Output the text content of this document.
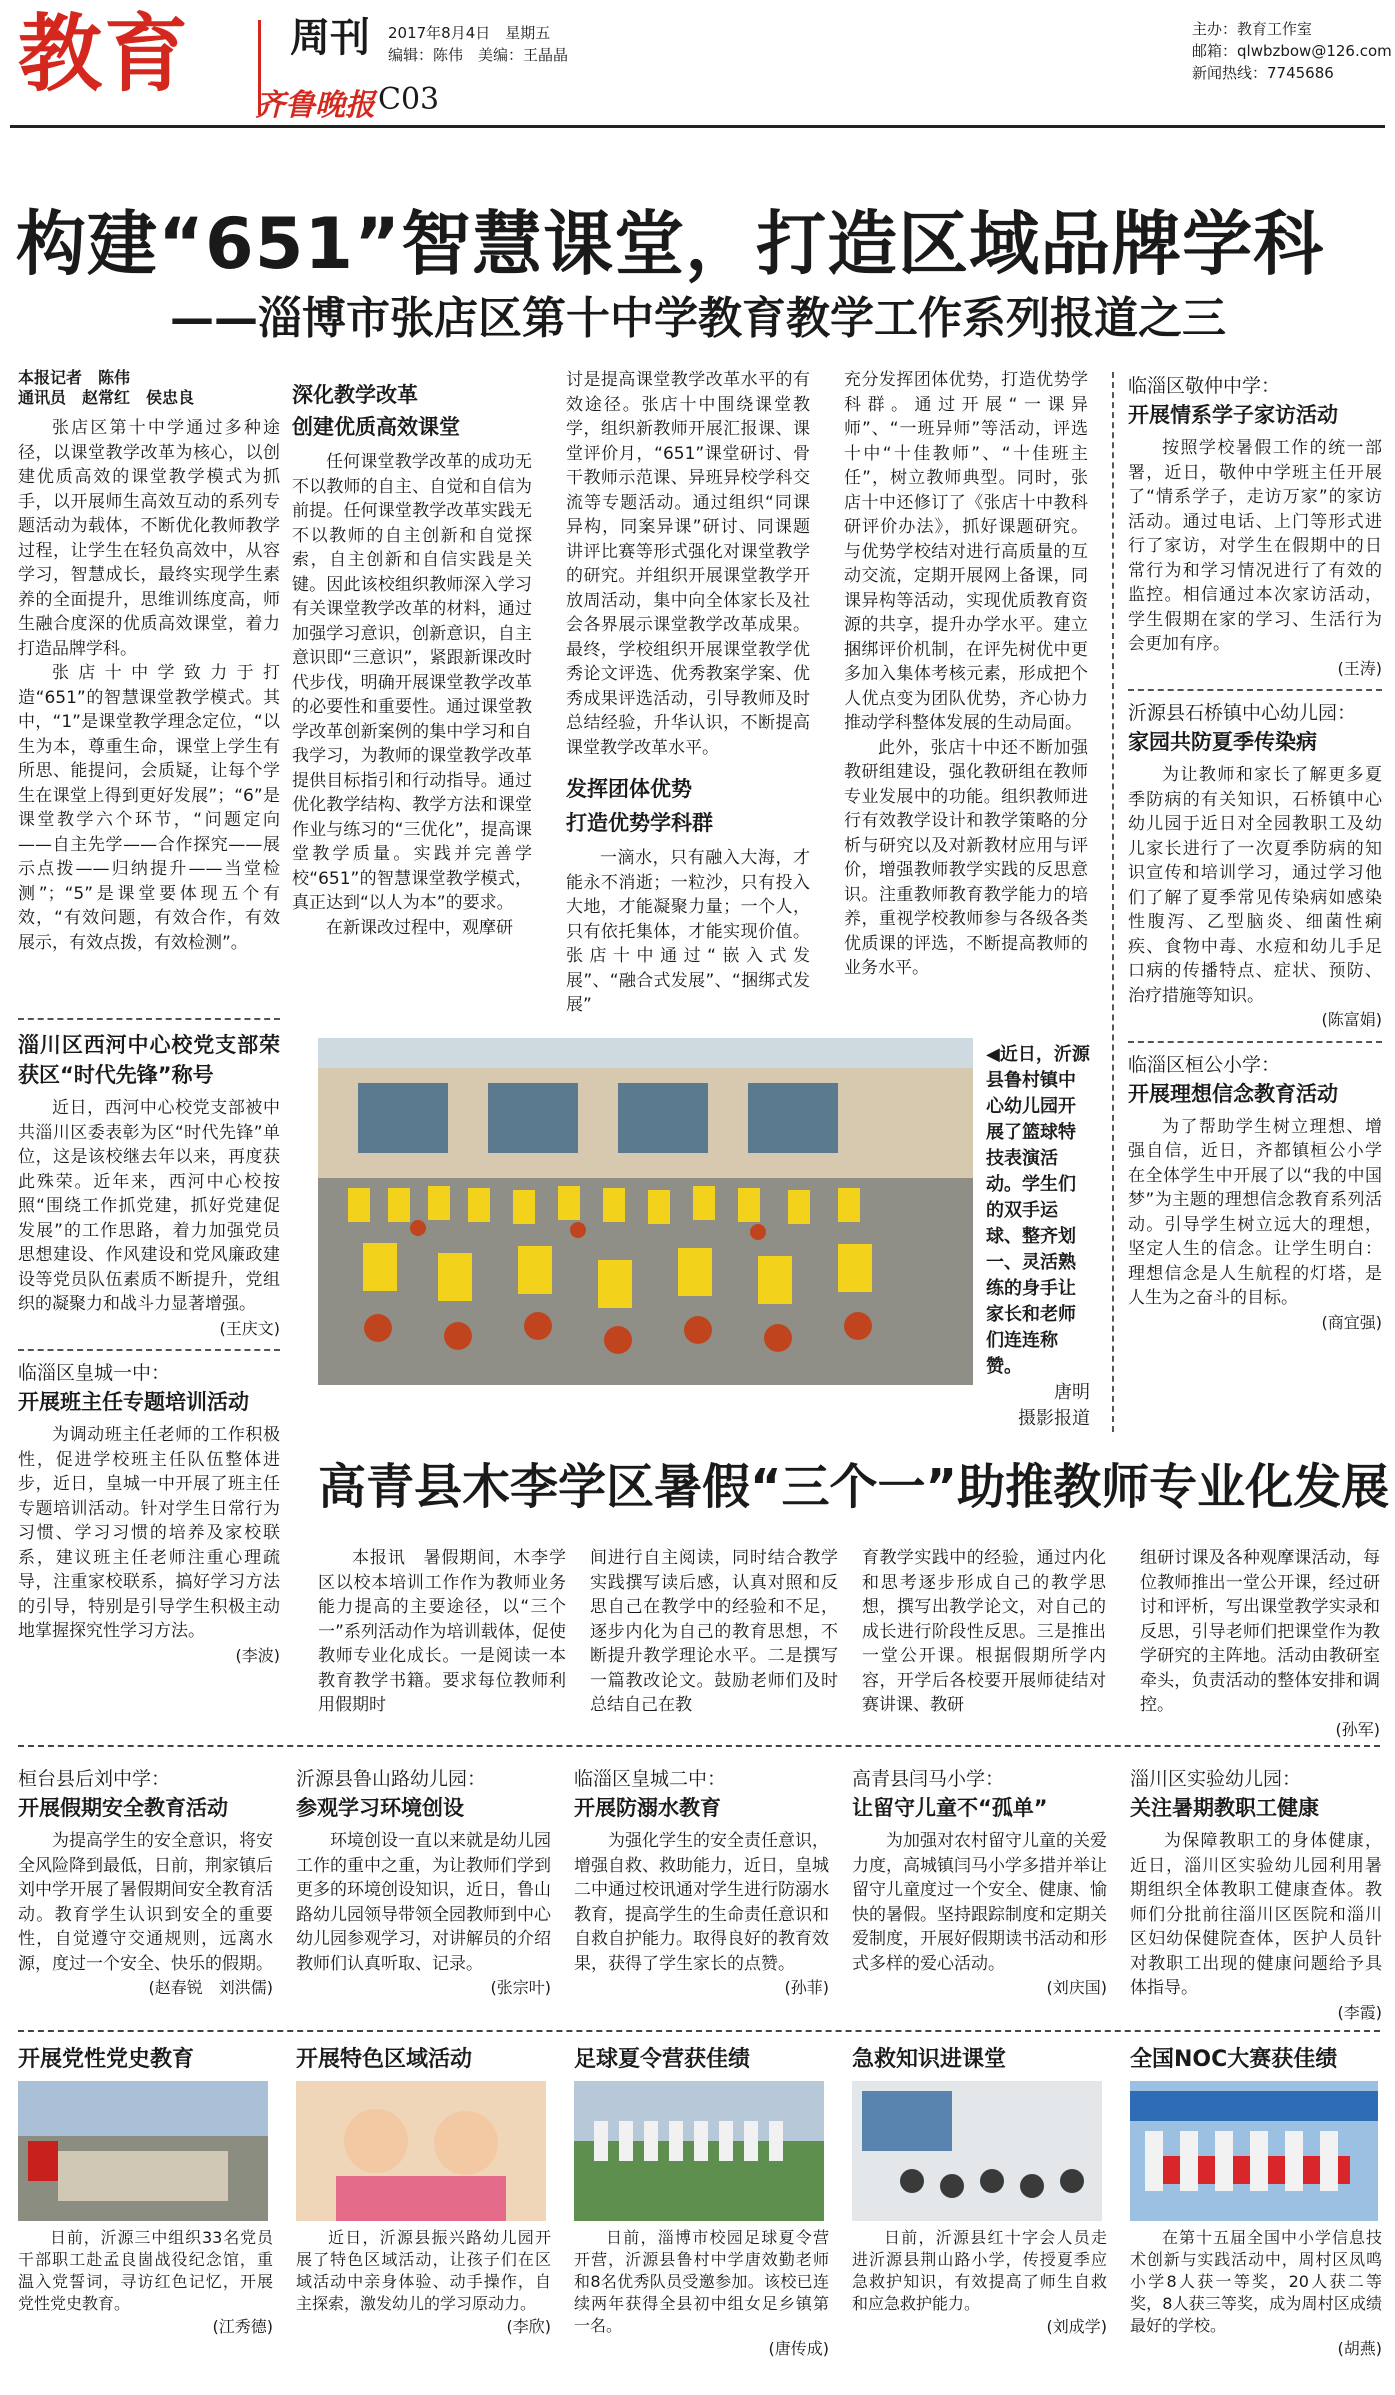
教育 周刊
齐鲁晚报 C03
2017年8月4日　星期五
编辑：陈伟　美编：王晶晶
主办：教育工作室
邮箱：qlwbzbow@126.com
新闻热线：7745686
构建“651”智慧课堂，打造区域品牌学科
——淄博市张店区第十中学教育教学工作系列报道之三
本报记者　陈伟
通讯员　赵常红　侯忠良

张店区第十中学通过多种途径，以课堂教学改革为核心，以创建优质高效的课堂教学模式为抓手，以开展师生高效互动的系列专题活动为载体，不断优化教师教学过程，让学生在轻负高效中，从容学习，智慧成长，最终实现学生素养的全面提升，思维训练度高，师生融合度深的优质高效课堂，着力打造品牌学科。

张店十中学致力于打造“651”的智慧课堂教学模式。其中，“1”是课堂教学理念定位，“以生为本，尊重生命，课堂上学生有所思、能提问，会质疑，让每个学生在课堂上得到更好发展”；“6”是课堂教学六个环节，“问题定向——自主先学——合作探究——展示点拨——归纳提升——当堂检测”；“5”是课堂要体现五个有效，“有效问题，有效合作，有效展示，有效点拨，有效检测”。

深化教学改革
创建优质高效课堂

任何课堂教学改革的成功无不以教师的自主、自觉和自信为前提。任何课堂教学改革实践无不以教师的自主创新和自觉探索，自主创新和自信实践是关键。因此该校组织教师深入学习有关课堂教学改革的材料，通过加强学习意识，创新意识，自主意识即“三意识”，紧跟新课改时代步伐，明确开展课堂教学改革的必要性和重要性。通过课堂教学改革创新案例的集中学习和自我学习，为教师的课堂教学改革提供目标指引和行动指导。通过优化教学结构、教学方法和课堂作业与练习的“三优化”，提高课堂教学质量。实践并完善学校“651”的智慧课堂教学模式，真正达到“以人为本”的要求。

在新课改过程中，观摩研

讨是提高课堂教学改革水平的有效途径。张店十中围绕课堂教学，组织新教师开展汇报课、课堂评价月，“651”课堂研讨、骨干教师示范课、异班异校学科交流等专题活动。通过组织“同课异构，同案异课”研讨、同课题讲评比赛等形式强化对课堂教学的研究。并组织开展课堂教学开放周活动，集中向全体家长及社会各界展示课堂教学改革成果。最终，学校组织开展课堂教学优秀论文评选、优秀教案学案、优秀成果评选活动，引导教师及时总结经验，升华认识，不断提高课堂教学改革水平。

发挥团体优势
打造优势学科群

一滴水，只有融入大海，才能永不消逝；一粒沙，只有投入大地，才能凝聚力量；一个人，只有依托集体，才能实现价值。张店十中通过“嵌入式发展”、“融合式发展”、“捆绑式发展”

充分发挥团体优势，打造优势学科群。通过开展“一课异师”、“一班异师”等活动，评选十中“十佳教师”、“十佳班主任”，树立教师典型。同时，张店十中还修订了《张店十中教科研评价办法》，抓好课题研究。与优势学校结对进行高质量的互动交流，定期开展网上备课，同课异构等活动，实现优质教育资源的共享，提升办学水平。建立捆绑评价机制，在评先树优中更多加入集体考核元素，形成把个人优点变为团队优势，齐心协力推动学科整体发展的生动局面。

此外，张店十中还不断加强教研组建设，强化教研组在教师专业发展中的功能。组织教师进行有效教学设计和教学策略的分析与研究以及对新教材应用与评价，增强教师教学实践的反思意识。注重教师教育教学能力的培养，重视学校教师参与各级各类优质课的评选，不断提高教师的业务水平。

临淄区敬仲中学：
开展情系学子家访活动

按照学校暑假工作的统一部署，近日，敬仲中学班主任开展了“情系学子，走访万家”的家访活动。通过电话、上门等形式进行了家访，对学生在假期中的日常行为和学习情况进行了有效的监控。相信通过本次家访活动，学生假期在家的学习、生活行为会更加有序。

(王涛)
沂源县石桥镇中心幼儿园：
家园共防夏季传染病

为让教师和家长了解更多夏季防病的有关知识，石桥镇中心幼儿园于近日对全园教职工及幼儿家长进行了一次夏季防病的知识宣传和培训学习，通过学习他们了解了夏季常见传染病如感染性腹泻、乙型脑炎、细菌性痢疾、食物中毒、水痘和幼儿手足口病的传播特点、症状、预防、治疗措施等知识。

(陈富娟)
临淄区桓公小学：
开展理想信念教育活动

为了帮助学生树立理想、增强自信，近日，齐都镇桓公小学在全体学生中开展了以“我的中国梦”为主题的理想信念教育系列活动。引导学生树立远大的理想，坚定人生的信念。让学生明白：理想信念是人生航程的灯塔，是人生为之奋斗的目标。

(商宜强)
淄川区西河中心校党支部荣获区“时代先锋”称号

近日，西河中心校党支部被中共淄川区委表彰为区“时代先锋”单位，这是该校继去年以来，再度获此殊荣。近年来，西河中心校按照“围绕工作抓党建，抓好党建促发展”的工作思路，着力加强党员思想建设、作风建设和党风廉政建设等党员队伍素质不断提升，党组织的凝聚力和战斗力显著增强。

(王庆文)
临淄区皇城一中：
开展班主任专题培训活动

为调动班主任老师的工作积极性，促进学校班主任队伍整体进步，近日，皇城一中开展了班主任专题培训活动。针对学生日常行为习惯、学习习惯的培养及家校联系，建议班主任老师注重心理疏导，注重家校联系，搞好学习方法的引导，特别是引导学生积极主动地掌握探究性学习方法。

(李波)
◀近日，沂源县鲁村镇中心幼儿园开展了篮球特技表演活动。学生们的双手运球、整齐划一、灵活熟练的身手让家长和老师们连连称赞。
唐明
摄影报道
高青县木李学区暑假“三个一”助推教师专业化发展

本报讯　暑假期间，木李学区以校本培训工作作为教师业务能力提高的主要途径，以“三个一”系列活动作为培训载体，促使教师专业化成长。一是阅读一本教育教学书籍。要求每位教师利用假期时

间进行自主阅读，同时结合教学实践撰写读后感，认真对照和反思自己在教学中的经验和不足，逐步内化为自己的教育思想，不断提升教学理论水平。二是撰写一篇教改论文。鼓励老师们及时总结自己在教

育教学实践中的经验，通过内化和思考逐步形成自己的教学思想，撰写出教学论文，对自己的成长进行阶段性反思。三是推出一堂公开课。根据假期所学内容，开学后各校要开展师徒结对赛讲课、教研

组研讨课及各种观摩课活动，每位教师推出一堂公开课，经过研讨和评析，写出课堂教学实录和反思，引导老师们把课堂作为教学研究的主阵地。活动由教研室牵头，负责活动的整体安排和调控。

(孙军)
桓台县后刘中学：
开展假期安全教育活动

为提高学生的安全意识，将安全风险降到最低，日前，荆家镇后刘中学开展了暑假期间安全教育活动。教育学生认识到安全的重要性，自觉遵守交通规则，远离水源，度过一个安全、快乐的假期。

(赵春锐　刘洪儒)
沂源县鲁山路幼儿园：
参观学习环境创设

环境创设一直以来就是幼儿园工作的重中之重，为让教师们学到更多的环境创设知识，近日，鲁山路幼儿园领导带领全园教师到中心幼儿园参观学习，对讲解员的介绍教师们认真听取、记录。

(张宗叶)
临淄区皇城二中：
开展防溺水教育

为强化学生的安全责任意识，增强自救、救助能力，近日，皇城二中通过校讯通对学生进行防溺水教育，提高学生的生命责任意识和自救自护能力。取得良好的教育效果，获得了学生家长的点赞。

(孙菲)
高青县闫马小学：
让留守儿童不“孤单”

为加强对农村留守儿童的关爱力度，高城镇闫马小学多措并举让留守儿童度过一个安全、健康、愉快的暑假。坚持跟踪制度和定期关爱制度，开展好假期读书活动和形式多样的爱心活动。

(刘庆国)
淄川区实验幼儿园：
关注暑期教职工健康

为保障教职工的身体健康，近日，淄川区实验幼儿园利用暑期组织全体教职工健康查体。教师们分批前往淄川区医院和淄川区妇幼保健院查体，医护人员针对教职工出现的健康问题给予具体指导。

(李霞)
开展党性党史教育

日前，沂源三中组织33名党员干部职工赴孟良崮战役纪念馆，重温入党誓词，寻访红色记忆，开展党性党史教育。

(江秀德)
开展特色区域活动

近日，沂源县振兴路幼儿园开展了特色区域活动，让孩子们在区域活动中亲身体验、动手操作，自主探索，激发幼儿的学习原动力。

(李欣)
足球夏令营获佳绩

日前，淄博市校园足球夏令营开营，沂源县鲁村中学唐效勤老师和8名优秀队员受邀参加。该校已连续两年获得全县初中组女足乡镇第一名。

(唐传成)
急救知识进课堂

日前，沂源县红十字会人员走进沂源县荆山路小学，传授夏季应急救护知识，有效提高了师生自救和应急救护能力。

(刘成学)
全国NOC大赛获佳绩

在第十五届全国中小学信息技术创新与实践活动中，周村区凤鸣小学8人获一等奖，20人获二等奖，8人获三等奖，成为周村区成绩最好的学校。

(胡燕)
